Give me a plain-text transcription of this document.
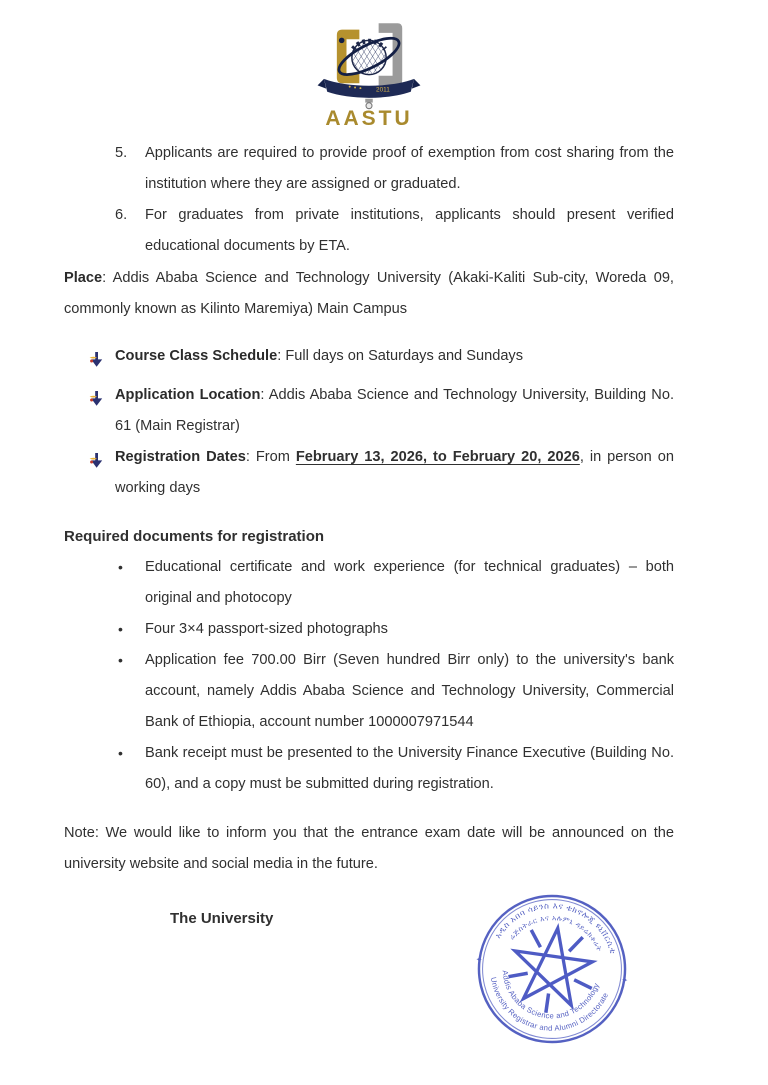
2011
AASTU
5.	Applicants are required to provide proof of exemption from cost sharing from the institution where they are assigned or graduated.
6.	For graduates from private institutions, applicants should present verified educational documents by ETA.

Place: Addis Ababa Science and Technology University (Akaki-Kaliti Sub-city, Woreda 09, commonly known as Kilinto Maremiya) Main Campus

Course Class Schedule: Full days on Saturdays and Sundays
Application Location: Addis Ababa Science and Technology University, Building No. 61 (Main Registrar)
Registration Dates: From February 13, 2026, to February 20, 2026, in person on working days
Required documents for registration
•	Educational certificate and work experience (for technical graduates) – both original and photocopy
•	Four 3×4 passport-sized photographs
•	Application fee 700.00 Birr (Seven hundred Birr only) to the university's bank account, namely Addis Ababa Science and Technology University, Commercial Bank of Ethiopia, account number 1000007971544
•	Bank receipt must be presented to the University Finance Executive (Building No. 60), and a copy must be submitted during registration.

Note: We would like to inform you that the entrance exam date will be announced on the university website and social media in the future.

The University
✦
✦
አዲስ አበባ ሳይንስ እና ቴክኖሎጂ ዩኒቨርሲቲ
ሬጅስትራር እና አሉምኒ ዳይሬክቶሬት
Addis Ababa Science and Technology
University Registrar and Alumni Directorate
